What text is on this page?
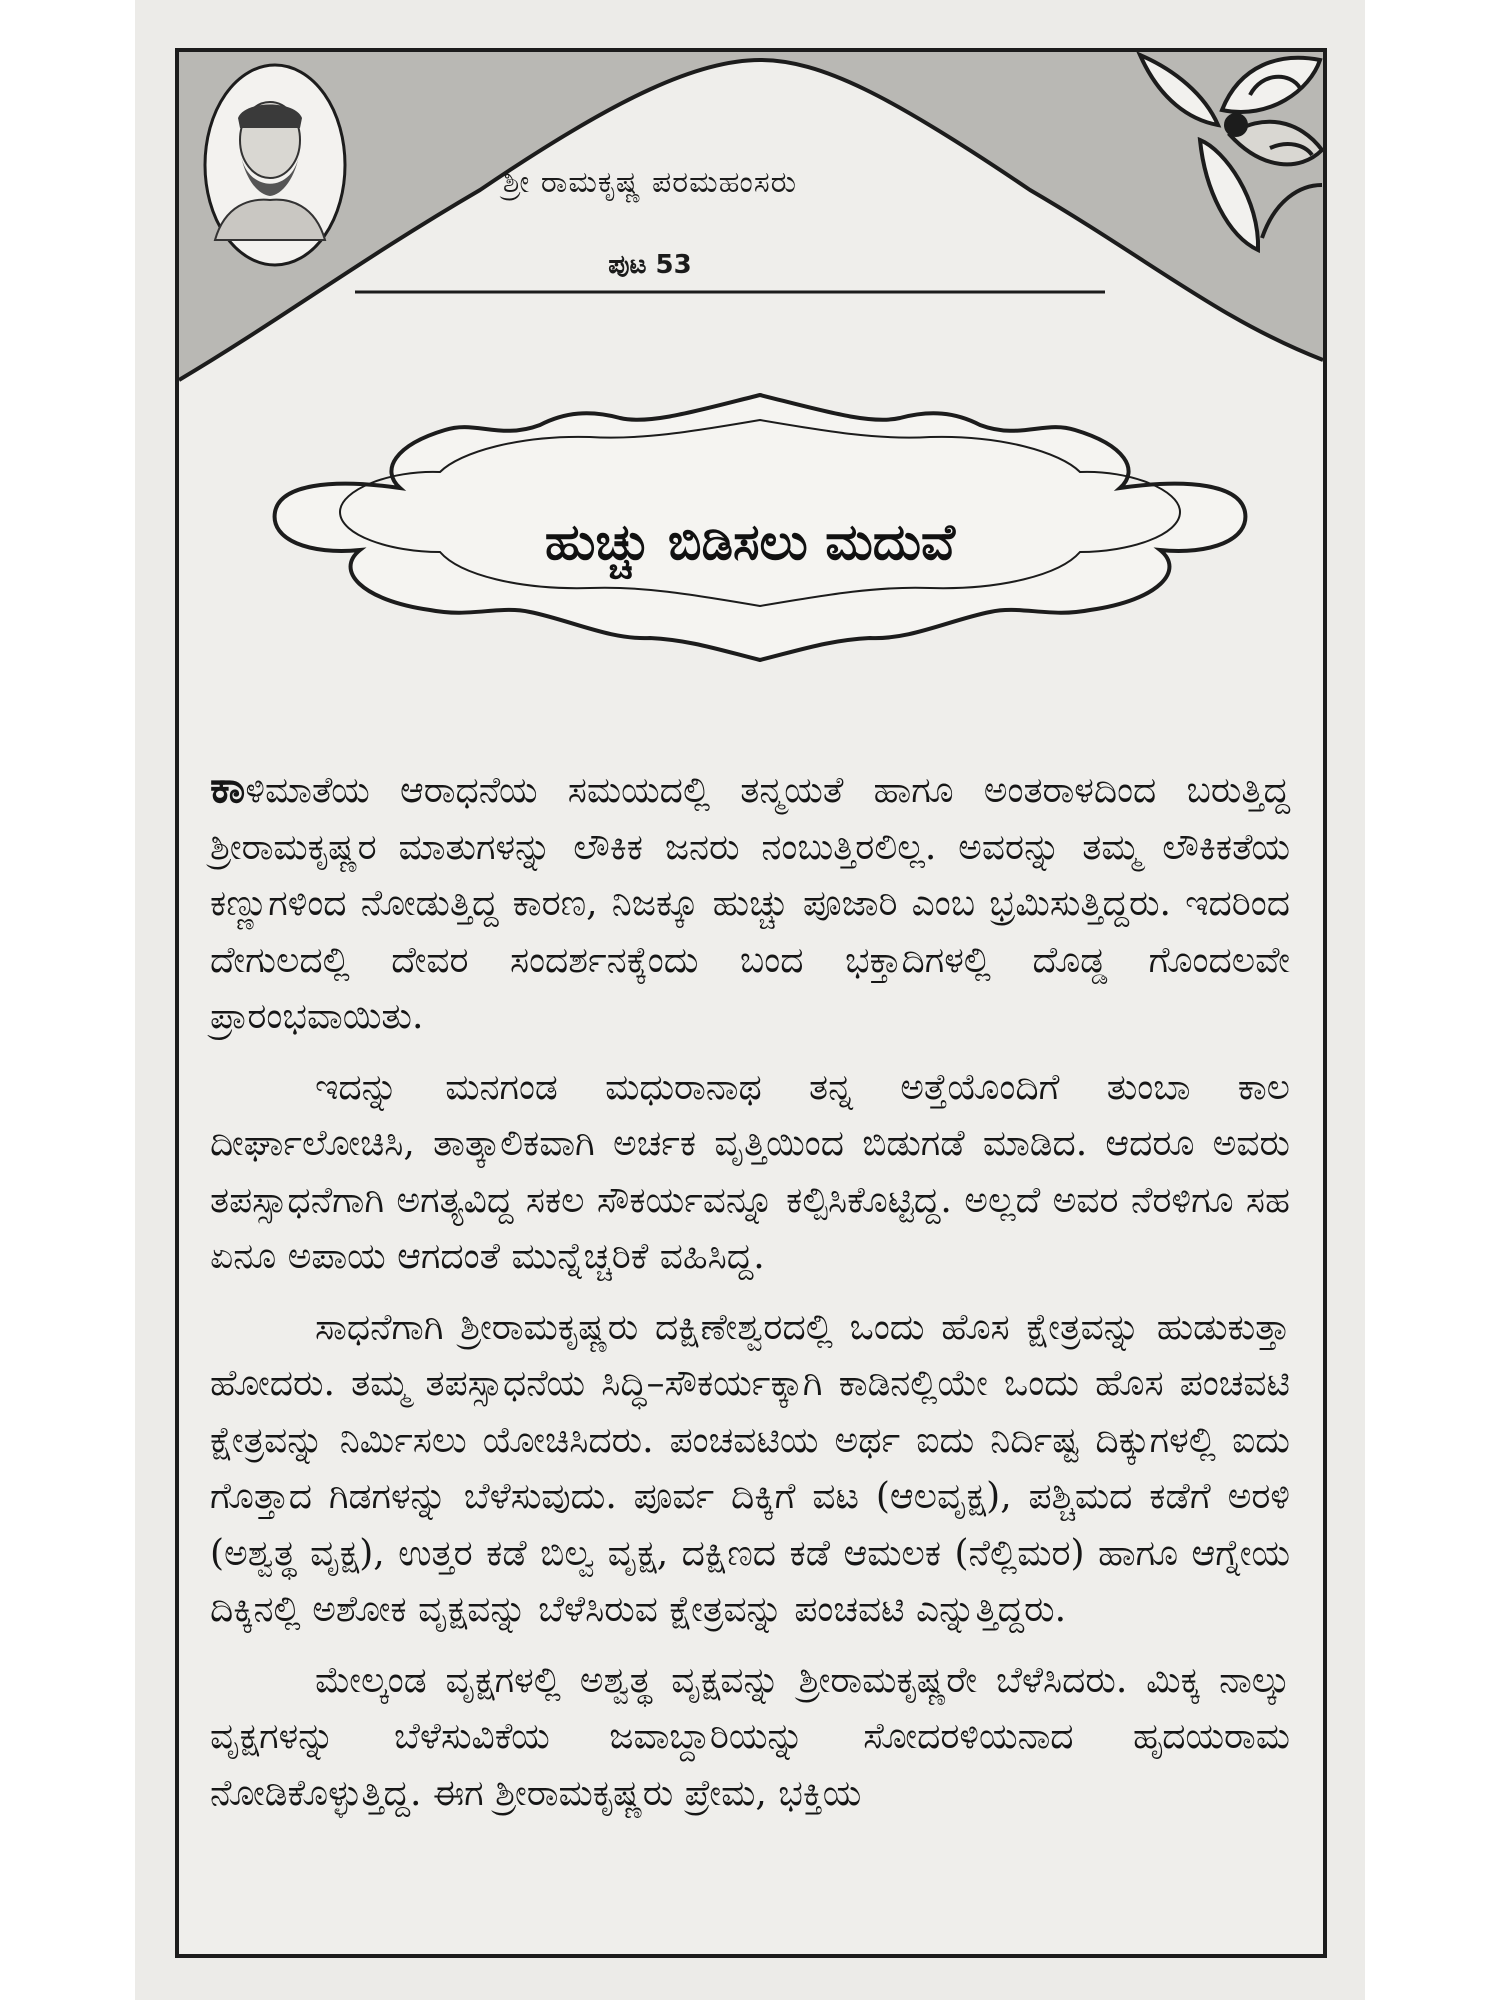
ಶ್ರೀ ರಾಮಕೃಷ್ಣ ಪರಮಹಂಸರು
ಪುಟ 53
ಹುಚ್ಚು ಬಿಡಿಸಲು ಮದುವೆ

ಕಾಳಿಮಾತೆಯ ಆರಾಧನೆಯ ಸಮಯದಲ್ಲಿ ತನ್ಮಯತೆ ಹಾಗೂ ಅಂತರಾಳದಿಂದ ಬರುತ್ತಿದ್ದ ಶ್ರೀರಾಮಕೃಷ್ಣರ ಮಾತುಗಳನ್ನು ಲೌಕಿಕ ಜನರು ನಂಬುತ್ತಿರಲಿಲ್ಲ. ಅವರನ್ನು ತಮ್ಮ ಲೌಕಿಕತೆಯ ಕಣ್ಣುಗಳಿಂದ ನೋಡುತ್ತಿದ್ದ ಕಾರಣ, ನಿಜಕ್ಕೂ ಹುಚ್ಚು ಪೂಜಾರಿ ಎಂಬ ಭ್ರಮಿಸುತ್ತಿದ್ದರು. ಇದರಿಂದ ದೇಗುಲದಲ್ಲಿ ದೇವರ ಸಂದರ್ಶನಕ್ಕೆಂದು ಬಂದ ಭಕ್ತಾದಿಗಳಲ್ಲಿ ದೊಡ್ಡ ಗೊಂದಲವೇ ಪ್ರಾರಂಭವಾಯಿತು.

ಇದನ್ನು ಮನಗಂಡ ಮಧುರಾನಾಥ ತನ್ನ ಅತ್ತೆಯೊಂದಿಗೆ ತುಂಬಾ ಕಾಲ ದೀರ್ಘಾಲೋಚಿಸಿ, ತಾತ್ಕಾಲಿಕವಾಗಿ ಅರ್ಚಕ ವೃತ್ತಿಯಿಂದ ಬಿಡುಗಡೆ ಮಾಡಿದ. ಆದರೂ ಅವರು ತಪಸ್ಸಾಧನೆಗಾಗಿ ಅಗತ್ಯವಿದ್ದ ಸಕಲ ಸೌಕರ್ಯವನ್ನೂ ಕಲ್ಪಿಸಿಕೊಟ್ಟಿದ್ದ. ಅಲ್ಲದೆ ಅವರ ನೆರಳಿಗೂ ಸಹ ಏನೂ ಅಪಾಯ ಆಗದಂತೆ ಮುನ್ನೆಚ್ಚರಿಕೆ ವಹಿಸಿದ್ದ.

ಸಾಧನೆಗಾಗಿ ಶ್ರೀರಾಮಕೃಷ್ಣರು ದಕ್ಷಿಣೇಶ್ವರದಲ್ಲಿ ಒಂದು ಹೊಸ ಕ್ಷೇತ್ರವನ್ನು ಹುಡುಕುತ್ತಾ ಹೋದರು. ತಮ್ಮ ತಪಸ್ಸಾಧನೆಯ ಸಿದ್ಧಿ–ಸೌಕರ್ಯಕ್ಕಾಗಿ ಕಾಡಿನಲ್ಲಿಯೇ ಒಂದು ಹೊಸ ಪಂಚವಟಿ ಕ್ಷೇತ್ರವನ್ನು ನಿರ್ಮಿಸಲು ಯೋಚಿಸಿದರು. ಪಂಚವಟಿಯ ಅರ್ಥ ಐದು ನಿರ್ದಿಷ್ಟ ದಿಕ್ಕುಗಳಲ್ಲಿ ಐದು ಗೊತ್ತಾದ ಗಿಡಗಳನ್ನು ಬೆಳೆಸುವುದು. ಪೂರ್ವ ದಿಕ್ಕಿಗೆ ವಟ (ಆಲವೃಕ್ಷ), ಪಶ್ಚಿಮದ ಕಡೆಗೆ ಅರಳಿ (ಅಶ್ವತ್ಥ ವೃಕ್ಷ), ಉತ್ತರ ಕಡೆ ಬಿಲ್ವ ವೃಕ್ಷ, ದಕ್ಷಿಣದ ಕಡೆ ಆಮಲಕ (ನೆಲ್ಲಿಮರ) ಹಾಗೂ ಆಗ್ನೇಯ ದಿಕ್ಕಿನಲ್ಲಿ ಅಶೋಕ ವೃಕ್ಷವನ್ನು ಬೆಳೆಸಿರುವ ಕ್ಷೇತ್ರವನ್ನು ಪಂಚವಟಿ ಎನ್ನುತ್ತಿದ್ದರು.

ಮೇಲ್ಕಂಡ ವೃಕ್ಷಗಳಲ್ಲಿ ಅಶ್ವತ್ಥ ವೃಕ್ಷವನ್ನು ಶ್ರೀರಾಮಕೃಷ್ಣರೇ ಬೆಳೆಸಿದರು. ಮಿಕ್ಕ ನಾಲ್ಕು ವೃಕ್ಷಗಳನ್ನು ಬೆಳೆಸುವಿಕೆಯ ಜವಾಬ್ದಾರಿಯನ್ನು ಸೋದರಳಿಯನಾದ ಹೃದಯರಾಮ ನೋಡಿಕೊಳ್ಳುತ್ತಿದ್ದ. ಈಗ ಶ್ರೀರಾಮಕೃಷ್ಣರು ಪ್ರೇಮ, ಭಕ್ತಿಯ
